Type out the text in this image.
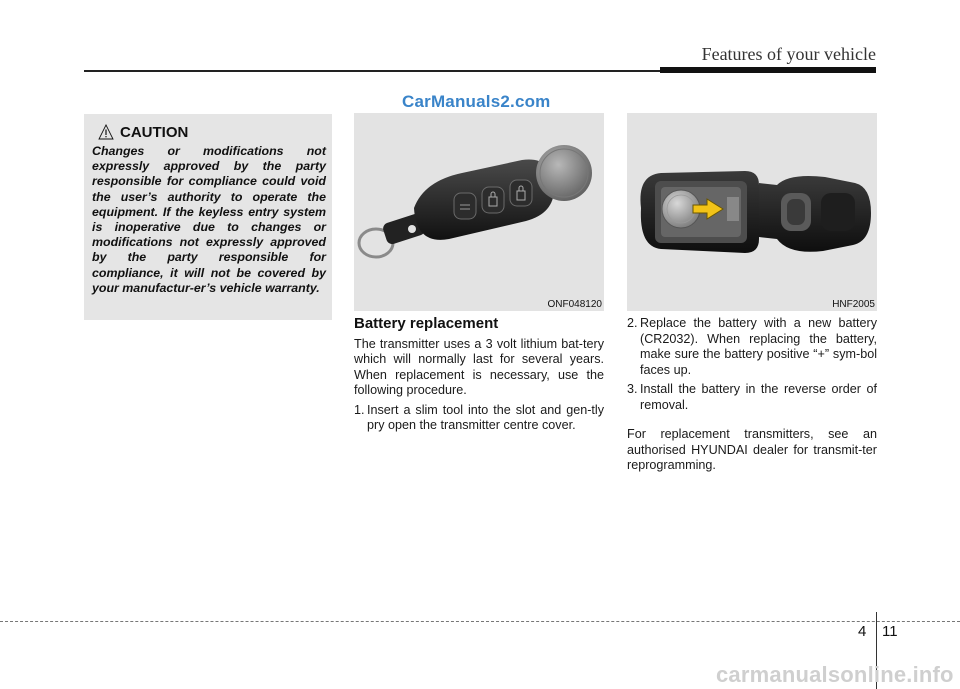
Features of your vehicle
CarManuals2.com
CAUTION

Changes or modifications not expressly approved by the party responsible for compliance could void the user’s authority to operate the equipment. If the keyless entry system is inoperative due to changes or modifications not expressly approved by the party responsible for compliance, it will not be covered by your manufactur-er’s vehicle warranty.

ONF048120	HNF2005
Battery replacement

The transmitter uses a 3 volt lithium bat-tery which will normally last for several years. When replacement is necessary, use the following procedure.

1. Insert a slim tool into the slot and gen-tly pry open the transmitter centre cover.
2. Replace the battery with a new battery (CR2032). When replacing the battery, make sure the battery positive “+” sym-bol faces up.
3. Install the battery in the reverse order of removal.

For replacement transmitters, see an authorised HYUNDAI dealer for transmit-ter reprogramming.

4 11
carmanualsonline.info
